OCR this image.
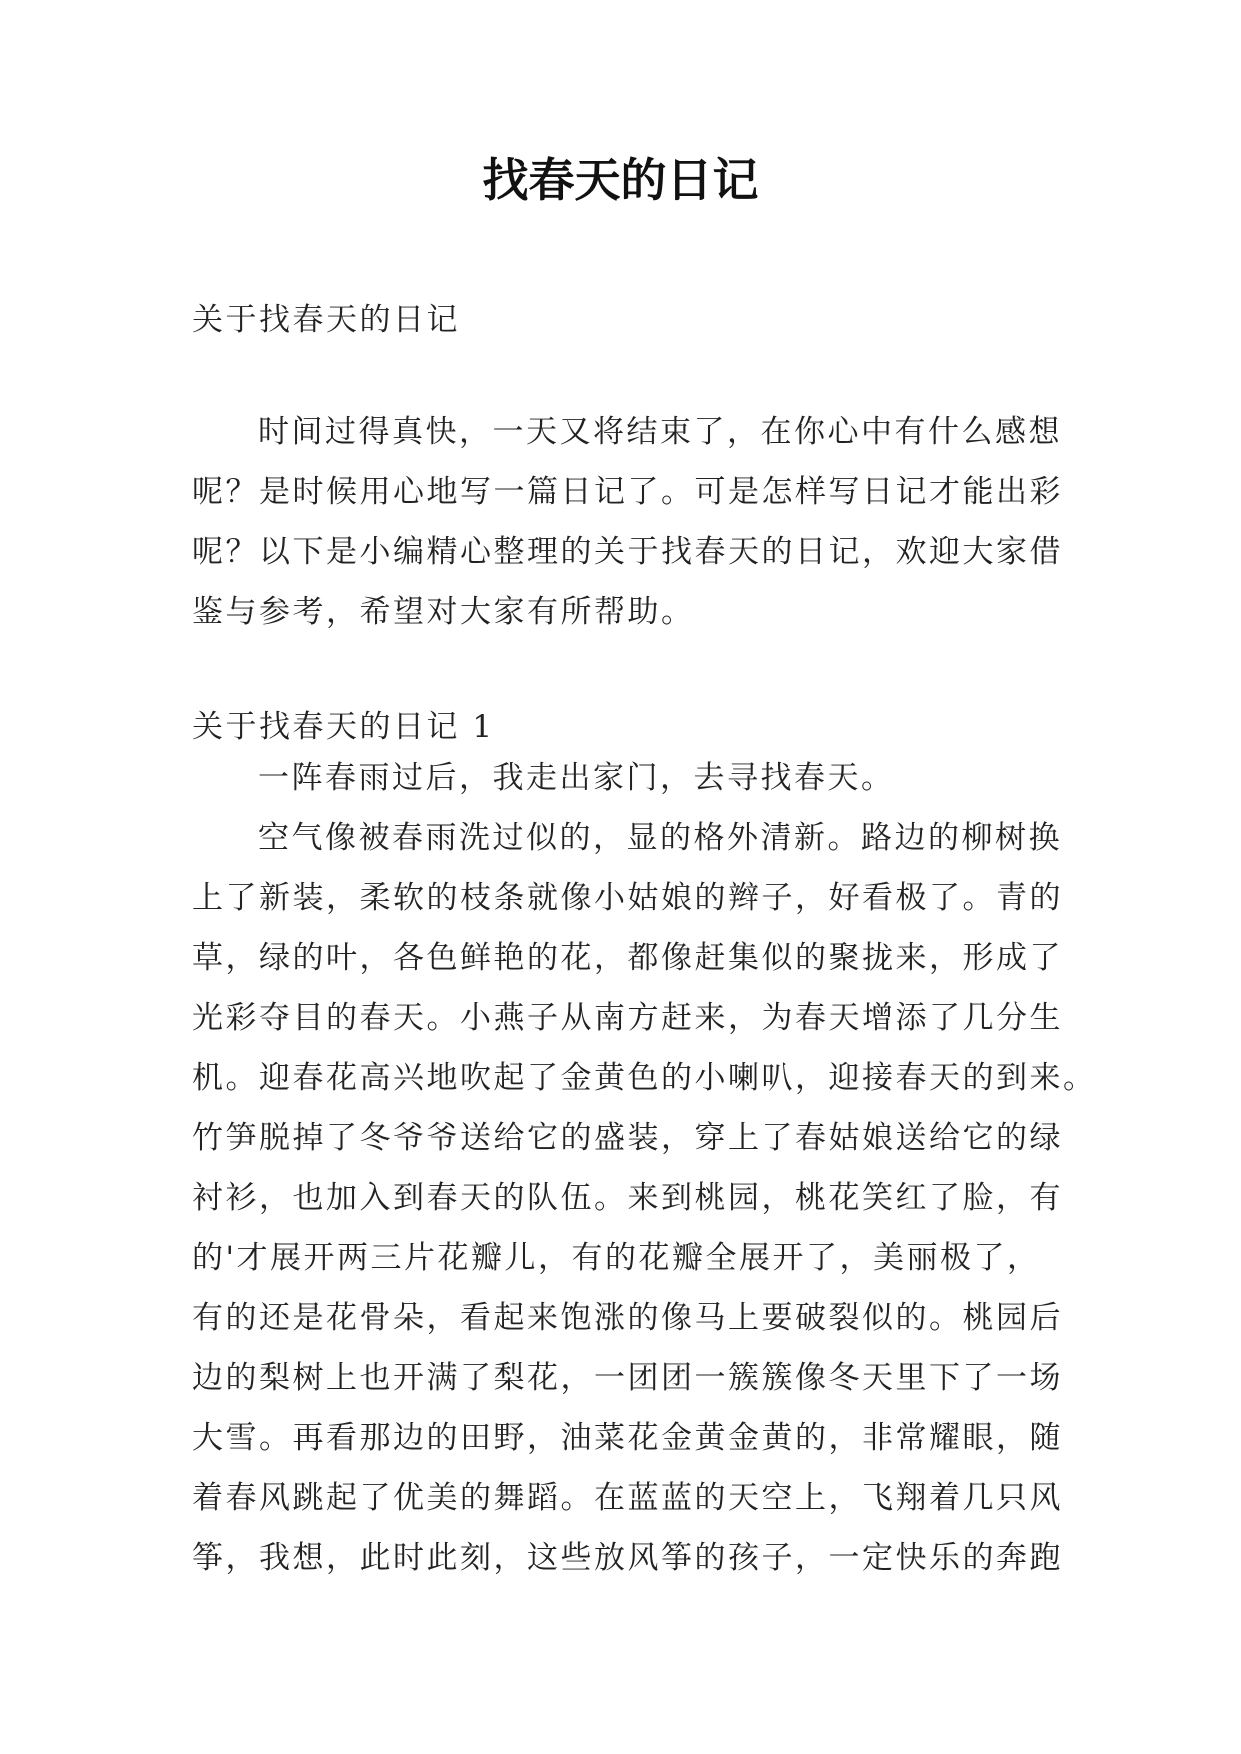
找春天的日记
关于找春天的日记
时间过得真快，一天又将结束了，在你心中有什么感想
呢？是时候用心地写一篇日记了。可是怎样写日记才能出彩
呢？以下是小编精心整理的关于找春天的日记，欢迎大家借
鉴与参考，希望对大家有所帮助。
关于找春天的日记 1
一阵春雨过后，我走出家门，去寻找春天。
空气像被春雨洗过似的，显的格外清新。路边的柳树换
上了新装，柔软的枝条就像小姑娘的辫子，好看极了。青的
草，绿的叶，各色鲜艳的花，都像赶集似的聚拢来，形成了
光彩夺目的春天。小燕子从南方赶来，为春天增添了几分生
机。迎春花高兴地吹起了金黄色的小喇叭，迎接春天的到来。
竹笋脱掉了冬爷爷送给它的盛装，穿上了春姑娘送给它的绿
衬衫，也加入到春天的队伍。来到桃园，桃花笑红了脸，有
的'才展开两三片花瓣儿，有的花瓣全展开了，美丽极了，
有的还是花骨朵，看起来饱涨的像马上要破裂似的。桃园后
边的梨树上也开满了梨花，一团团一簇簇像冬天里下了一场
大雪。再看那边的田野，油菜花金黄金黄的，非常耀眼，随
着春风跳起了优美的舞蹈。在蓝蓝的天空上，飞翔着几只风
筝，我想，此时此刻，这些放风筝的孩子，一定快乐的奔跑
